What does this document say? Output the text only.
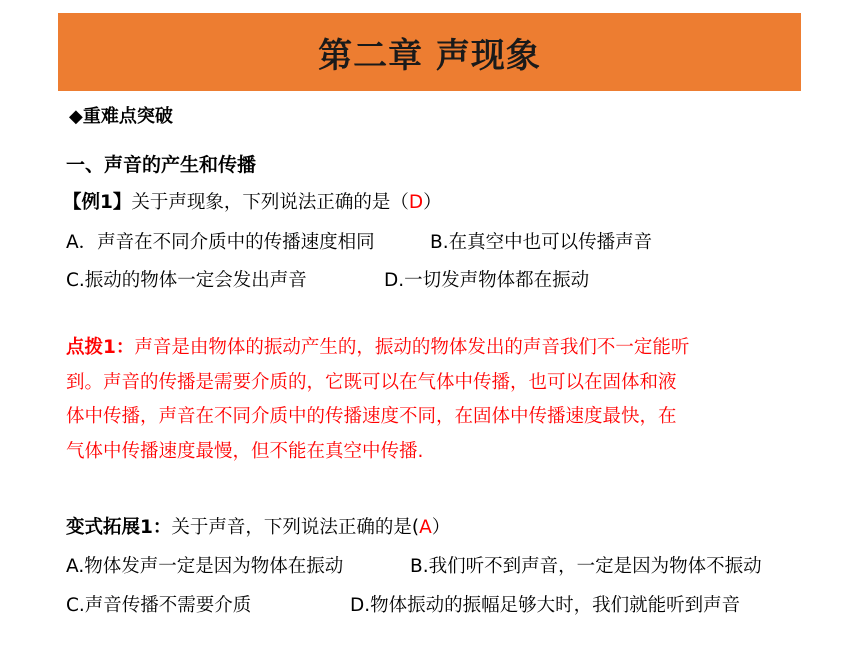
第二章 声现象
◆重难点突破
一、声音的产生和传播
【例1】关于声现象，下列说法正确的是（D）
A．声音在不同介质中的传播速度相同	B.在真空中也可以传播声音
C.振动的物体一定会发出声音	D.一切发声物体都在振动
点拨1：声音是由物体的振动产生的，振动的物体发出的声音我们不一定能听
到。声音的传播是需要介质的，它既可以在气体中传播，也可以在固体和液
体中传播，声音在不同介质中的传播速度不同，在固体中传播速度最快，在
气体中传播速度最慢，但不能在真空中传播.
变式拓展1：关于声音，下列说法正确的是(A）
A.物体发声一定是因为物体在振动	B.我们听不到声音，一定是因为物体不振动
C.声音传播不需要介质	D.物体振动的振幅足够大时，我们就能听到声音
